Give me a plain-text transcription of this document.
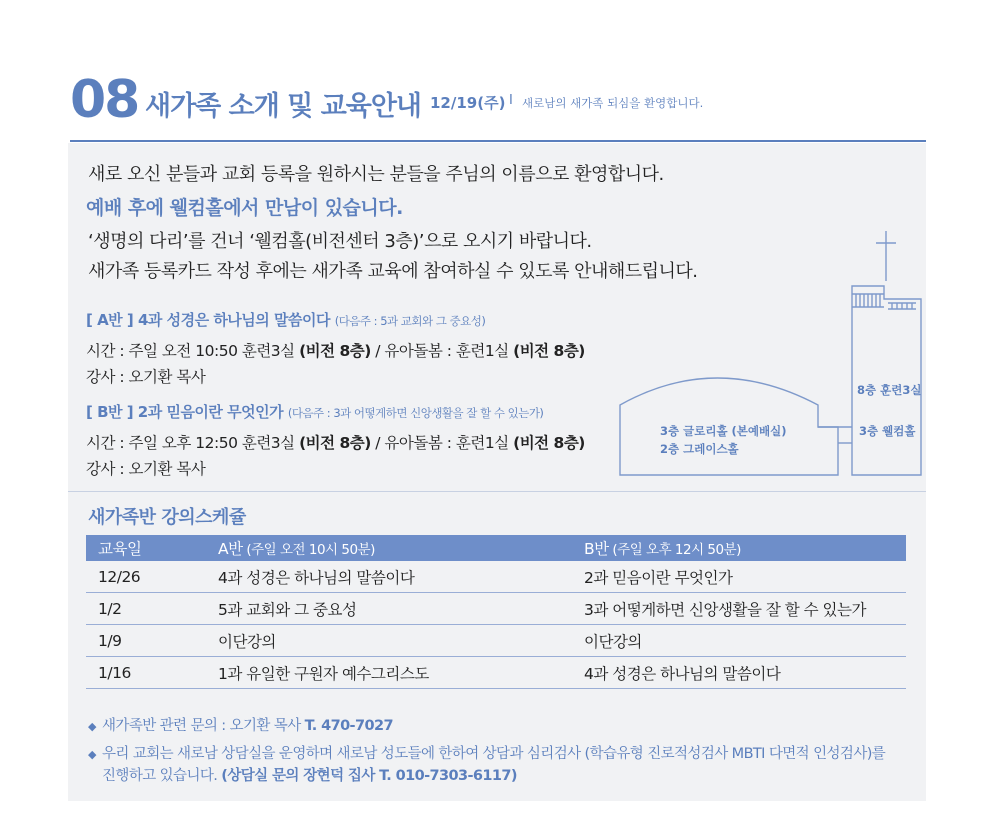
08 새가족 소개 및 교육안내 12/19(주) I 새로남의 새가족 되심을 환영합니다.
새로 오신 분들과 교회 등록을 원하시는 분들을 주님의 이름으로 환영합니다.
예배 후에 웰컴홀에서 만남이 있습니다.
‘생명의 다리’를 건너 ‘웰컴홀(비전센터 3층)’으로 오시기 바랍니다.
새가족 등록카드 작성 후에는 새가족 교육에 참여하실 수 있도록 안내해드립니다.
[ A반 ] 4과 성경은 하나님의 말씀이다 (다음주 : 5과 교회와 그 중요성)
시간 : 주일 오전 10:50 훈련3실 (비전 8층) / 유아돌봄 : 훈련1실 (비전 8층)
강사 : 오기환 목사
[ B반 ] 2과 믿음이란 무엇인가 (다음주 : 3과 어떻게하면 신앙생활을 잘 할 수 있는가)
시간 : 주일 오후 12:50 훈련3실 (비전 8층) / 유아돌봄 : 훈련1실 (비전 8층)
강사 : 오기환 목사
8층 훈련3실
3층 웰컴홀
3층 글로리홀 (본예배실)
2층 그레이스홀
새가족반 강의스케쥴
교육일	A반 (주일 오전 10시 50분)	B반 (주일 오후 12시 50분)
12/26	4과 성경은 하나님의 말씀이다	2과 믿음이란 무엇인가
1/2	5과 교회와 그 중요성	3과 어떻게하면 신앙생활을 잘 할 수 있는가
1/9	이단강의	이단강의
1/16	1과 유일한 구원자 예수그리스도	4과 성경은 하나님의 말씀이다
◆ 새가족반 관련 문의 : 오기환 목사 T. 470-7027
◆ 우리 교회는 새로남 상담실을 운영하며 새로남 성도들에 한하여 상담과 심리검사 (학습유형 진로적성검사 MBTI 다면적 인성검사)를
진행하고 있습니다. (상담실 문의 장현덕 집사 T. 010-7303-6117)
